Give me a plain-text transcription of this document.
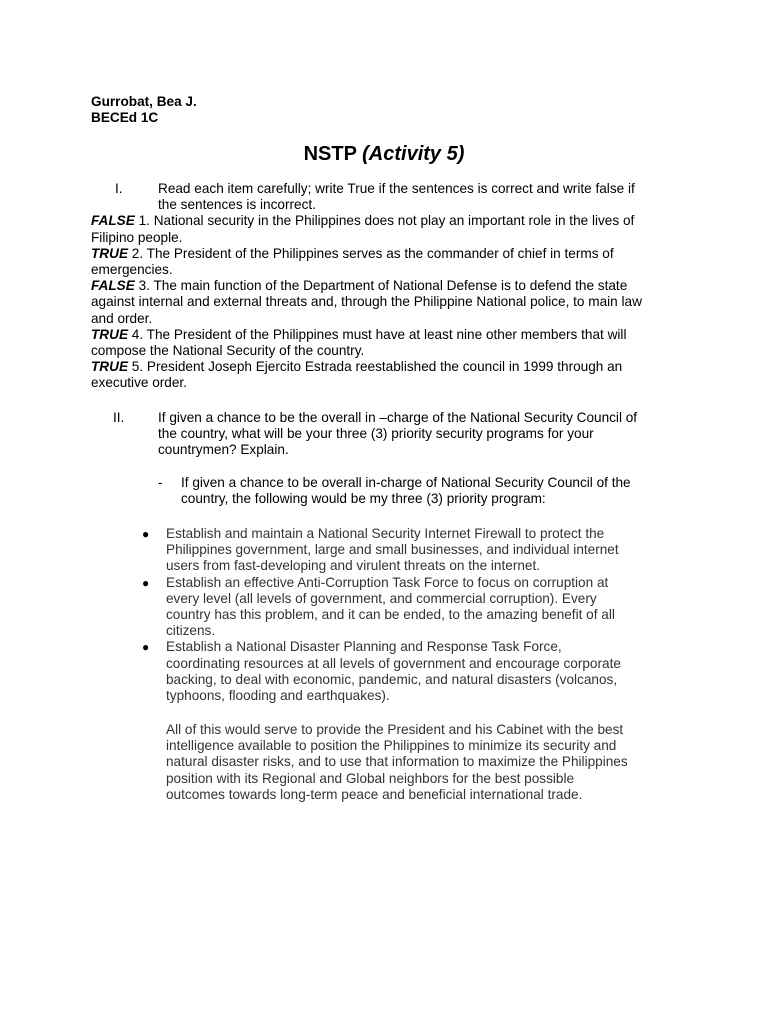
Gurrobat, Bea J.
BECEd 1C
NSTP (Activity 5)
I.	Read each item carefully; write True if the sentences is correct and write false if the sentences is incorrect.
FALSE 1. National security in the Philippines does not play an important role in the lives of Filipino people.
TRUE 2. The President of the Philippines serves as the commander of chief in terms of emergencies.
FALSE 3. The main function of the Department of National Defense is to defend the state against internal and external threats and, through the Philippine National police, to main law and order.
TRUE 4. The President of the Philippines must have at least nine other members that will compose the National Security of the country.
TRUE 5. President Joseph Ejercito Estrada reestablished the council in 1999 through an executive order.
II. If given a chance to be the overall in –charge of the National Security Council of the country, what will be your three (3) priority security programs for your countrymen? Explain.
- If given a chance to be overall in-charge of National Security Council of the country, the following would be my three (3) priority program:
● Establish and maintain a National Security Internet Firewall to protect the Philippines government, large and small businesses, and individual internet users from fast-developing and virulent threats on the internet.
● Establish an effective Anti-Corruption Task Force to focus on corruption at every level (all levels of government, and commercial corruption). Every country has this problem, and it can be ended, to the amazing benefit of all citizens.
● Establish a National Disaster Planning and Response Task Force, coordinating resources at all levels of government and encourage corporate backing, to deal with economic, pandemic, and natural disasters (volcanos, typhoons, flooding and earthquakes).
All of this would serve to provide the President and his Cabinet with the best intelligence available to position the Philippines to minimize its security and natural disaster risks, and to use that information to maximize the Philippines position with its Regional and Global neighbors for the best possible outcomes towards long-term peace and beneficial international trade.
